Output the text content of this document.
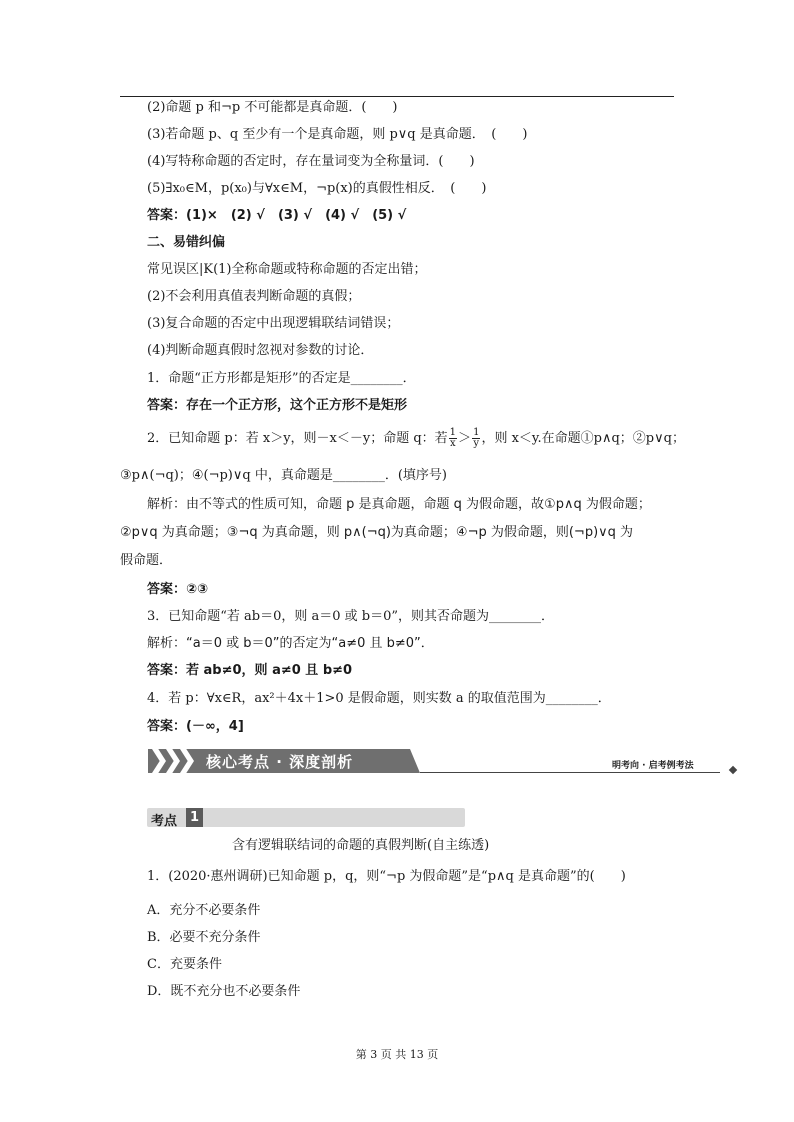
(2)命题 p 和¬p 不可能都是真命题．(　　)
(3)若命题 p、q 至少有一个是真命题，则 p∨q 是真命题．　(　　)
(4)写特称命题的否定时，存在量词变为全称量词．(　　)
(5)∃x₀∈M，p(x₀)与∀x∈M，¬p(x)的真假性相反．　(　　)
答案：(1)×　(2) √　(3) √　(4) √　(5) √
二、易错纠偏
常见误区|K(1)全称命题或特称命题的否定出错；
(2)不会利用真值表判断命题的真假；
(3)复合命题的否定中出现逻辑联结词错误；
(4)判断命题真假时忽视对参数的讨论．
1．命题“正方形都是矩形”的否定是________．
答案：存在一个正方形，这个正方形不是矩形
2．已知命题 p：若 x＞y，则－x＜－y；命题 q：若 $\frac{1}{x} > \frac{1}{y}$ ，则 x＜y.在命题①p∧q；②p∨q；
③p∧(¬q)；④(¬p)∨q 中，真命题是________．(填序号)
解析：由不等式的性质可知，命题 p 是真命题，命题 q 为假命题，故①p∧q 为假命题；
②p∨q 为真命题；③¬q 为真命题，则 p∧(¬q)为真命题；④¬p 为假命题，则(¬p)∨q 为
假命题．
答案：②③
3．已知命题“若 ab＝0，则 a＝0 或 b＝0”，则其否命题为________．
解析：“a＝0 或 b＝0”的否定为“a≠0 且 b≠0”．
答案：若 ab≠0，则 a≠0 且 b≠0
4．若 p：∀x∈R，ax²＋4x＋1>0 是假命题，则实数 a 的取值范围为________．
答案：(－∞，4]
核心考点 · 深度剖析	明考向 · 启考例考法
考点 1
含有逻辑联结词的命题的真假判断(自主练透)
1．(2020·惠州调研)已知命题 p，q，则“¬p 为假命题”是“p∧q 是真命题”的(　　)
A．充分不必要条件
B．必要不充分条件
C．充要条件
D．既不充分也不必要条件
第 3 页 共 13 页
